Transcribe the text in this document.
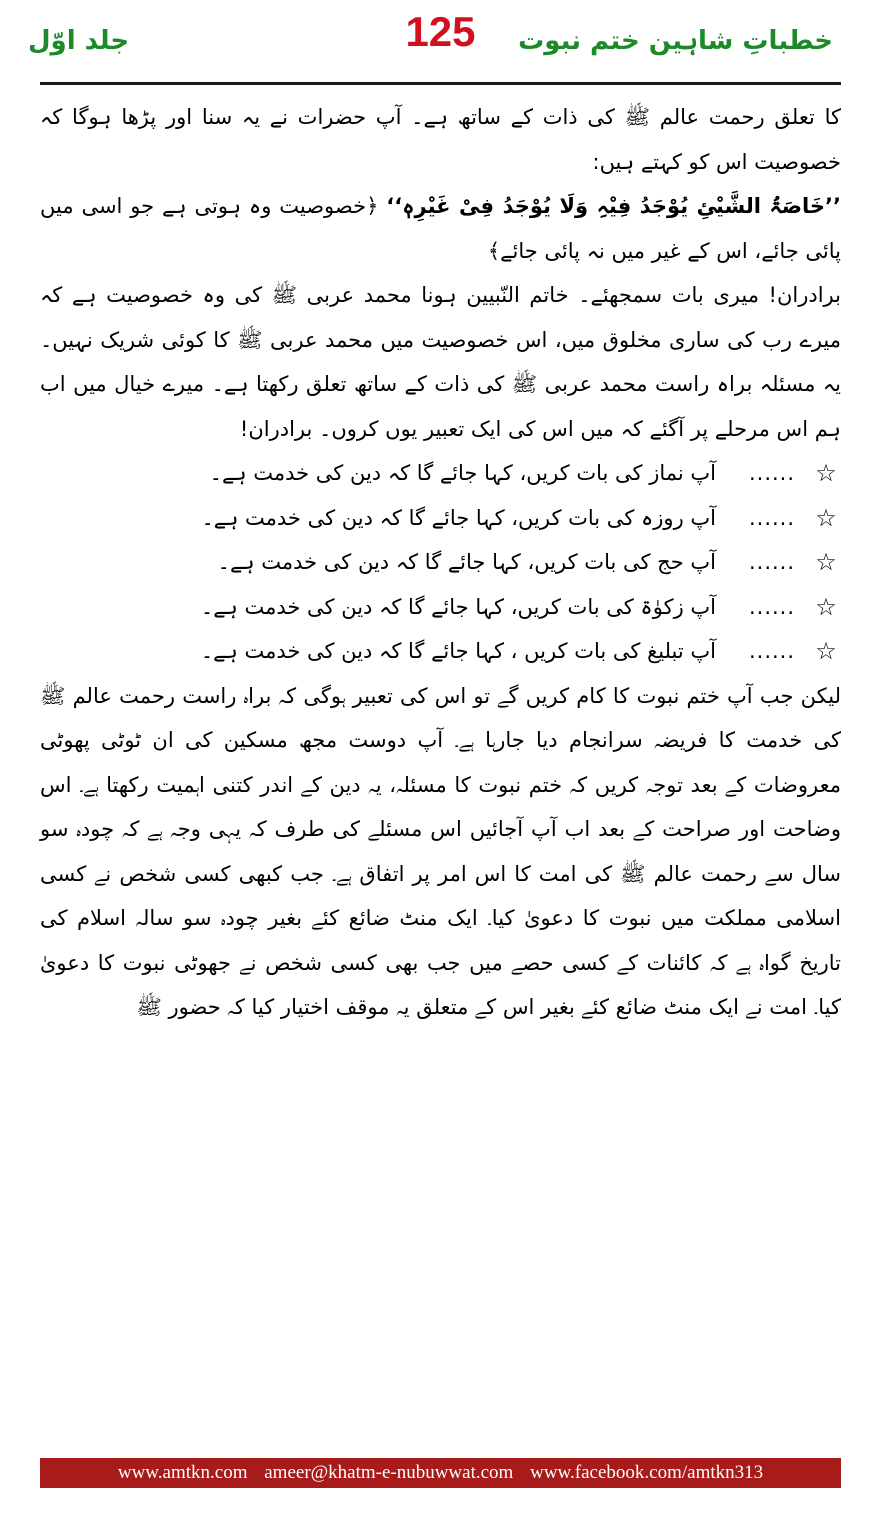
خطباتِ شاہین ختم نبوت
125
جلد اوّل

کا تعلق رحمت عالم ﷺ کی ذات کے ساتھ ہے۔ آپ حضرات نے یہ سنا اور پڑھا ہوگا کہ خصوصیت اس کو کہتے ہیں:

’’خَاصَۃُ الشَّیْئِ یُوْجَدُ فِیْہِ وَلَا یُوْجَدُ فِیْ غَیْرِہٖ‘‘ ﴿خصوصیت وہ ہوتی ہے جو اسی میں پائی جائے، اس کے غیر میں نہ پائی جائے﴾

برادران! میری بات سمجھئے۔ خاتم النّبیین ہونا محمد عربی ﷺ کی وہ خصوصیت ہے کہ میرے رب کی ساری مخلوق میں، اس خصوصیت میں محمد عربی ﷺ کا کوئی شریک نہیں۔ یہ مسئلہ براہ راست محمد عربی ﷺ کی ذات کے ساتھ تعلق رکھتا ہے۔ میرے خیال میں اب ہم اس مرحلے پر آگئے کہ میں اس کی ایک تعبیر یوں کروں۔ برادران!

☆
......
آپ نماز کی بات کریں، کہا جائے گا کہ دین کی خدمت ہے۔
☆
......
آپ روزہ کی بات کریں، کہا جائے گا کہ دین کی خدمت ہے۔
☆
......
آپ حج کی بات کریں، کہا جائے گا کہ دین کی خدمت ہے۔
☆
......
آپ زکوٰۃ کی بات کریں، کہا جائے گا کہ دین کی خدمت ہے۔
☆
......
آپ تبلیغ کی بات کریں ، کہا جائے گا کہ دین کی خدمت ہے۔

لیکن جب آپ ختم نبوت کا کام کریں گے تو اس کی تعبیر ہوگی کہ براہ راست رحمت عالم ﷺ کی خدمت کا فریضہ سرانجام دیا جارہا ہے۔ آپ دوست مجھ مسکین کی ان ٹوٹی پھوٹی معروضات کے بعد توجہ کریں کہ ختم نبوت کا مسئلہ، یہ دین کے اندر کتنی اہمیت رکھتا ہے۔ اس وضاحت اور صراحت کے بعد اب آپ آجائیں اس مسئلے کی طرف کہ یہی وجہ ہے کہ چودہ سو سال سے رحمت عالم ﷺ کی امت کا اس امر پر اتفاق ہے۔ جب کبھی کسی شخص نے کسی اسلامی مملکت میں نبوت کا دعویٰ کیا۔ ایک منٹ ضائع کئے بغیر چودہ سو سالہ اسلام کی تاریخ گواہ ہے کہ کائنات کے کسی حصے میں جب بھی کسی شخص نے جھوٹی نبوت کا دعویٰ کیا۔ امت نے ایک منٹ ضائع کئے بغیر اس کے متعلق یہ موقف اختیار کیا کہ حضور ﷺ

www.amtkn.com ameer@khatm-e-nubuwwat.com www.facebook.com/amtkn313
